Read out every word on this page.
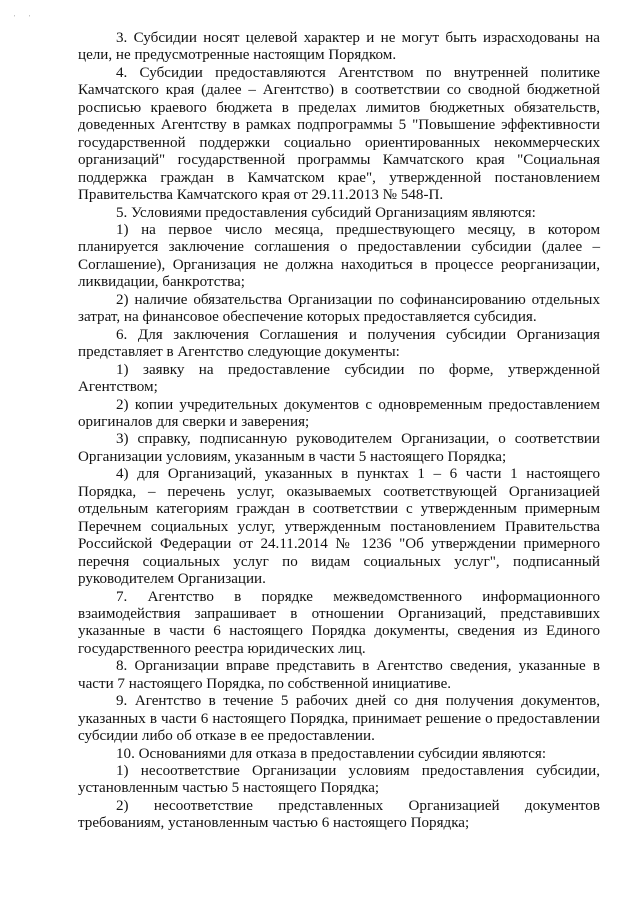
' '

3. Субсидии носят целевой характер и не могут быть израсходованы на цели, не предусмотренные настоящим Порядком.

4. Субсидии предоставляются Агентством по внутренней политике Камчатского края (далее – Агентство) в соответствии со сводной бюджетной росписью краевого бюджета в пределах лимитов бюджетных обязательств, доведенных Агентству в рамках подпрограммы 5 "Повышение эффективности государственной поддержки социально ориентированных некоммерческих организаций" государственной программы Камчатского края "Социальная поддержка граждан в Камчатском крае", утвержденной постановлением Правительства Камчатского края от 29.11.2013 № 548-П.

5. Условиями предоставления субсидий Организациям являются:

1) на первое число месяца, предшествующего месяцу, в котором планируется заключение соглашения о предоставлении субсидии (далее – Соглашение), Организация не должна находиться в процессе реорганизации, ликвидации, банкротства;

2) наличие обязательства Организации по софинансированию отдельных затрат, на финансовое обеспечение которых предоставляется субсидия.

6. Для заключения Соглашения и получения субсидии Организация представляет в Агентство следующие документы:

1) заявку на предоставление субсидии по форме, утвержденной Агентством;

2) копии учредительных документов с одновременным предоставлением оригиналов для сверки и заверения;

3) справку, подписанную руководителем Организации, о соответствии Организации условиям, указанным в части 5 настоящего Порядка;

4) для Организаций, указанных в пунктах 1 – 6 части 1 настоящего Порядка, – перечень услуг, оказываемых соответствующей Организацией отдельным категориям граждан в соответствии с утвержденным примерным Перечнем социальных услуг, утвержденным постановлением Правительства Российской Федерации от 24.11.2014 № 1236 "Об утверждении примерного перечня социальных услуг по видам социальных услуг", подписанный руководителем Организации.

7. Агентство в порядке межведомственного информационного взаимодействия запрашивает в отношении Организаций, представивших указанные в части 6 настоящего Порядка документы, сведения из Единого государственного реестра юридических лиц.

8. Организации вправе представить в Агентство сведения, указанные в части 7 настоящего Порядка, по собственной инициативе.

9. Агентство в течение 5 рабочих дней со дня получения документов, указанных в части 6 настоящего Порядка, принимает решение о предоставлении субсидии либо об отказе в ее предоставлении.

10. Основаниями для отказа в предоставлении субсидии являются:

1) несоответствие Организации условиям предоставления субсидии, установленным частью 5 настоящего Порядка;

2) несоответствие представленных Организацией документов требованиям, установленным частью 6 настоящего Порядка;
